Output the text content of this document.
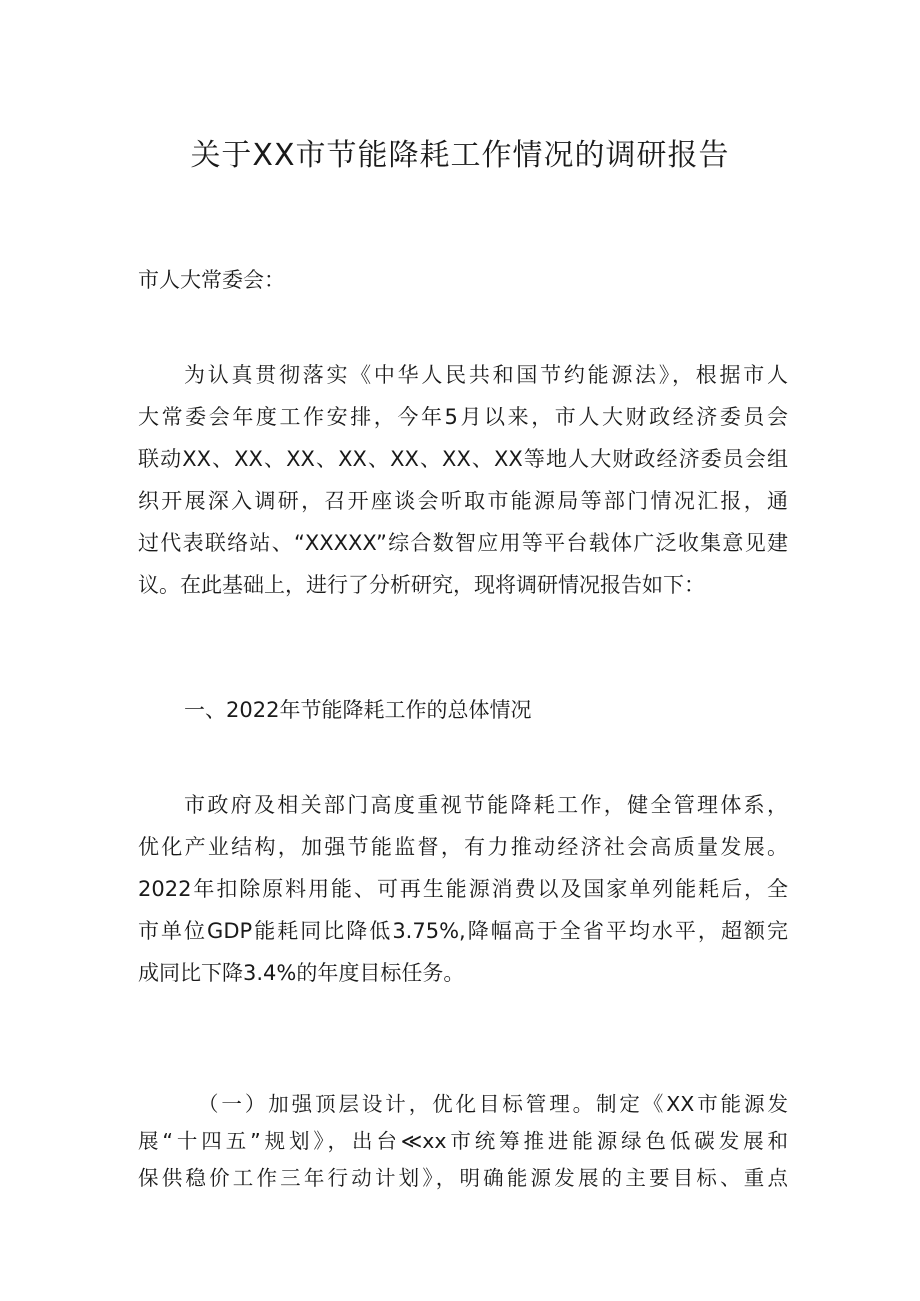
关于XX市节能降耗工作情况的调研报告
市人大常委会：
为认真贯彻落实《中华人民共和国节约能源法》，根据市人
大常委会年度工作安排，今年5月以来，市人大财政经济委员会
联动XX、XX、XX、XX、XX、XX、XX等地人大财政经济委员会组
织开展深入调研，召开座谈会听取市能源局等部门情况汇报，通
过代表联络站、“XXXXX”综合数智应用等平台载体广泛收集意见建
议。在此基础上，进行了分析研究，现将调研情况报告如下：
一、2022年节能降耗工作的总体情况
市政府及相关部门高度重视节能降耗工作，健全管理体系，
优化产业结构，加强节能监督，有力推动经济社会高质量发展。
2022年扣除原料用能、可再生能源消费以及国家单列能耗后，全
市单位GDP能耗同比降低3.75%,降幅高于全省平均水平，超额完
成同比下降3.4%的年度目标任务。
（一）加强顶层设计，优化目标管理。制定《XX市能源发
展“十四五”规划》，出台≪xx市统筹推进能源绿色低碳发展和
保供稳价工作三年行动计划》，明确能源发展的主要目标、重点
